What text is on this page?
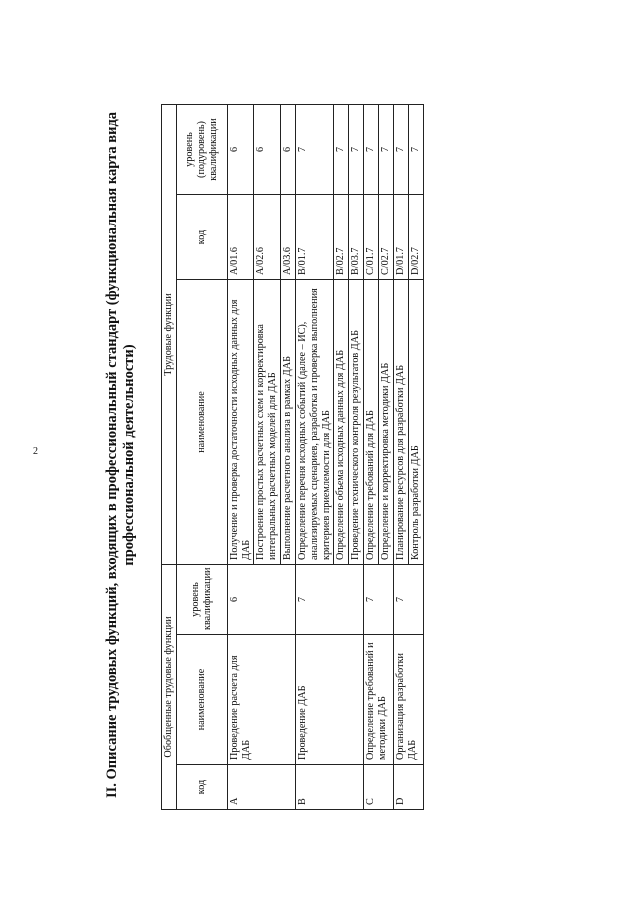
2	II. Описание трудовых функций, входящих в профессиональный стандарт (функциональная карта вида
профессиональной деятельности)
Обобщенные трудовые функции			Трудовые функции		
код	наименование	уровень квалификации	наименование	код	уровень (подуровень) квалификации
A	Проведение расчета для ДАБ	6	Получение и проверка достаточности исходных данных для ДАБ	A/01.6	6
			Построение простых расчетных схем и корректировка интегральных расчетных моделей для ДАБ	A/02.6	6
			Выполнение расчетного анализа в рамках ДАБ	A/03.6	6
B	Проведение ДАБ	7	Определение перечня исходных событий (далее – ИС), анализируемых сценариев, разработка и проверка выполнения критериев приемлемости для ДАБ	B/01.7	7
			Определение объема исходных данных для ДАБ	B/02.7	7
			Проведение технического контроля результатов ДАБ	B/03.7	7
C	Определение требований и методики ДАБ	7	Определение требований для ДАБ	C/01.7	7
			Определение и корректировка методики ДАБ	C/02.7	7
D	Организация разработки ДАБ	7	Планирование ресурсов для разработки ДАБ	D/01.7	7
			Контроль разработки ДАБ	D/02.7	7
